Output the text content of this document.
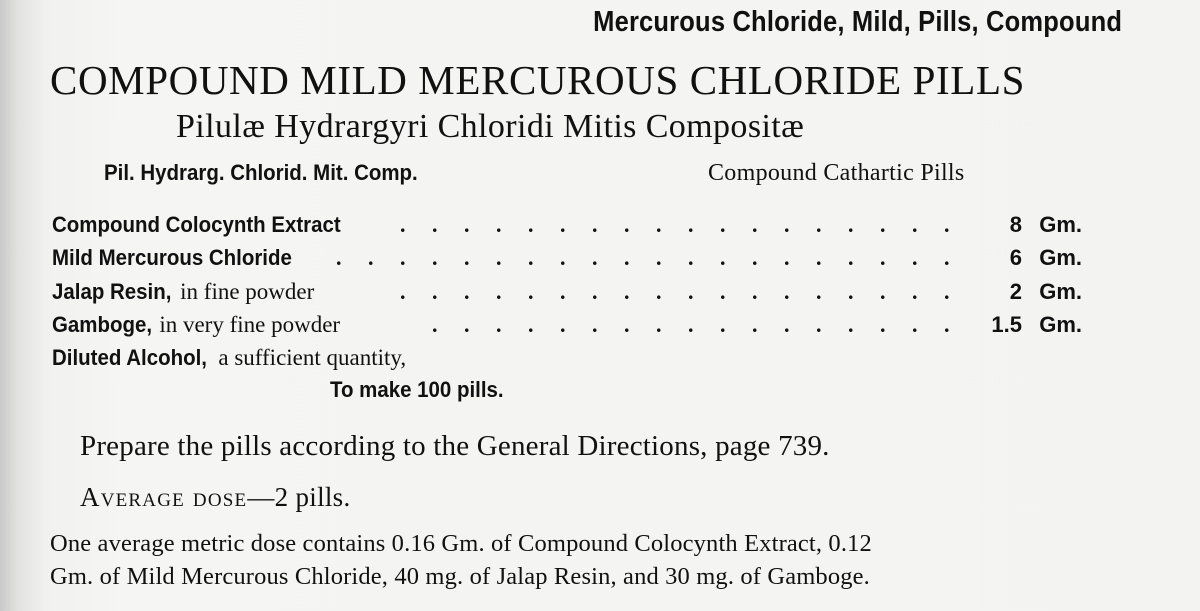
Mercurous Chloride, Mild, Pills, Compound
COMPOUND MILD MERCUROUS CHLORIDE PILLS
Pilulæ Hydrargyri Chloridi Mitis Compositæ
Pil. Hydrarg. Chlorid. Mit. Comp.	Compound Cathartic Pills
Compound Colocynth Extract	. . . . . . . . . . . . . . . . . . 8 Gm.
Mild Mercurous Chloride	. . . . . . . . . . . . . . . . . . . . 6 Gm.
Jalap Resin, in fine powder	. . . . . . . . . . . . . . . . . . 2 Gm.
Gamboge, in very fine powder	. . . . . . . . . . . . . . . . . 1.5 Gm.
Diluted Alcohol, a sufficient quantity,
To make 100 pills.
Prepare the pills according to the General Directions, page 739.
Average dose—2 pills.
One average metric dose contains 0.16 Gm. of Compound Colocynth Extract, 0.12
Gm. of Mild Mercurous Chloride, 40 mg. of Jalap Resin, and 30 mg. of Gamboge.
